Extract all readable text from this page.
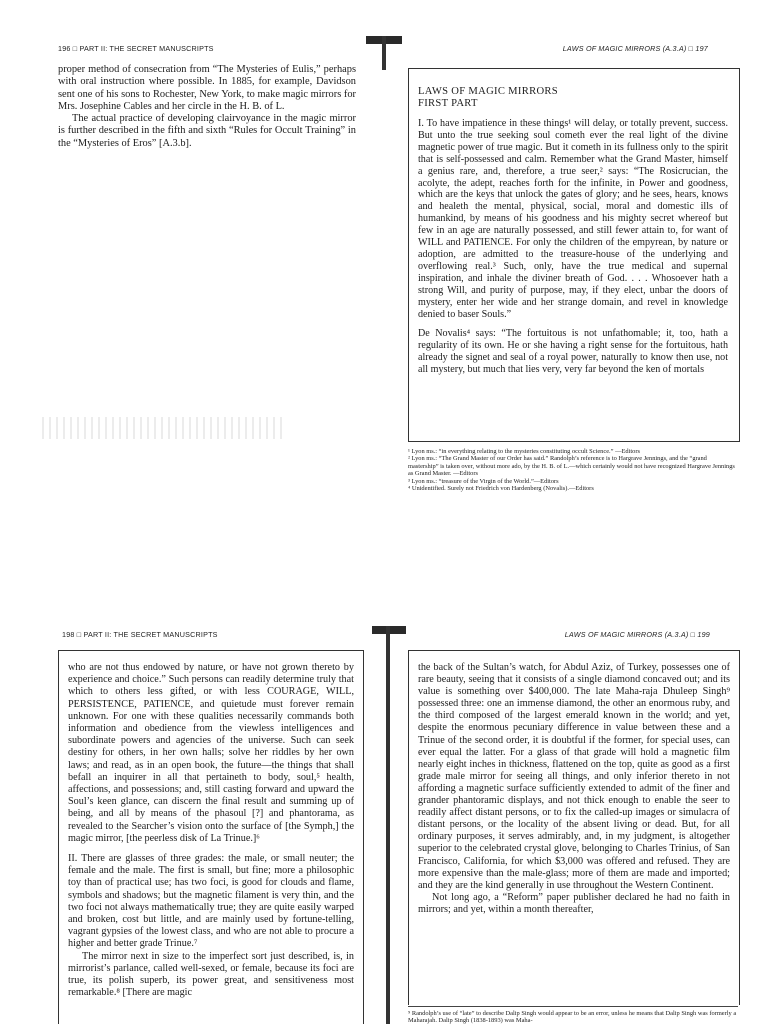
196 □ PART II: THE SECRET MANUSCRIPTS

proper method of consecration from “The Mysteries of Eulis,” perhaps with oral instruction where possible. In 1885, for example, Davidson sent one of his sons to Rochester, New York, to make magic mirrors for Mrs. Josephine Cables and her circle in the H. B. of L.

The actual practice of developing clairvoyance in the magic mirror is further described in the fifth and sixth “Rules for Occult Training” in the “Mysteries of Eros” [A.3.b].

LAWS OF MAGIC MIRRORS (A.3.A) □ 197

LAWS OF MAGIC MIRRORS

FIRST PART

I. To have impatience in these things¹ will delay, or totally prevent, success. But unto the true seeking soul cometh ever the real light of the divine magnetic power of true magic. But it cometh in its fullness only to the spirit that is self-possessed and calm. Remember what the Grand Master, himself a genius rare, and, therefore, a true seer,² says: “The Rosicrucian, the acolyte, the adept, reaches forth for the infinite, in Power and goodness, which are the keys that unlock the gates of glory; and he sees, hears, knows and healeth the mental, physical, social, moral and domestic ills of humankind, by means of his goodness and his mighty secret whereof but few in an age are naturally possessed, and still fewer attain to, for want of WILL and PATIENCE. For only the children of the empyrean, by nature or adoption, are admitted to the treasure-house of the underlying and overflowing real.³ Such, only, have the true medical and supernal inspiration, and inhale the diviner breath of God. . . . Whosoever hath a strong Will, and purity of purpose, may, if they elect, unbar the doors of mystery, enter her wide and her strange domain, and revel in knowledge denied to baser Souls.”

De Novalis⁴ says: “The fortuitous is not unfathomable; it, too, hath a regularity of its own. He or she having a right sense for the fortuitous, hath already the signet and seal of a royal power, naturally to know then use, not all mystery, but much that lies very, very far beyond the ken of mortals

¹ Lyon ms.: “in everything relating to the mysteries constituting occult Science.” —Editors

² Lyon ms.: “The Grand Master of our Order has said.” Randolph’s reference is to Hargrave Jennings, and the “grand mastership” is taken over, without more ado, by the H. B. of L.—which certainly would not have recognized Hargrave Jennings as Grand Master. —Editors

³ Lyon ms.: “treasure of the Virgin of the World.”—Editors

⁴ Unidentified. Surely not Friedrich von Hardenberg (Novalis).—Editors

198 □ PART II: THE SECRET MANUSCRIPTS

who are not thus endowed by nature, or have not grown thereto by experience and choice.” Such persons can readily determine truly that which to others less gifted, or with less COURAGE, WILL, PERSISTENCE, PATIENCE, and quietude must forever remain unknown. For one with these qualities necessarily commands both information and obedience from the viewless intelligences and subordinate powers and agencies of the universe. Such can seek destiny for others, in her own halls; solve her riddles by her own laws; and read, as in an open book, the future—the things that shall befall an inquirer in all that pertaineth to body, soul,⁵ health, affections, and possessions; and, still casting forward and upward the Soul’s keen glance, can discern the final result and summing up of being, and all by means of the phasoul [?] and phantorama, as revealed to the Searcher’s vision onto the surface of [the Symph,] the magic mirror, [the peerless disk of La Trinue.]⁶

II. There are glasses of three grades: the male, or small neuter; the female and the male. The first is small, but fine; more a philosophic toy than of practical use; has two foci, is good for clouds and flame, symbols and shadows; but the magnetic filament is very thin, and the two foci not always mathematically true; they are quite easily warped and broken, cost but little, and are mainly used by fortune-telling, vagrant gypsies of the lowest class, and who are not able to procure a higher and better grade Trinue.⁷

The mirror next in size to the imperfect sort just described, is, in mirrorist’s parlance, called well-sexed, or female, because its foci are true, its polish superb, its power great, and sensitiveness most remarkable.⁸ [There are magic

LAWS OF MAGIC MIRRORS (A.3.A) □ 199

the back of the Sultan’s watch, for Abdul Aziz, of Turkey, possesses one of rare beauty, seeing that it consists of a single diamond concaved out; and its value is something over $400,000. The late Maha-raja Dhuleep Singh⁹ possessed three: one an immense diamond, the other an enormous ruby, and the third composed of the largest emerald known in the world; and yet, despite the enormous pecuniary difference in value between these and a Trinue of the second order, it is doubtful if the former, for special uses, can ever equal the latter. For a glass of that grade will hold a magnetic film nearly eight inches in thickness, flattened on the top, quite as good as a first grade male mirror for seeing all things, and only inferior thereto in not affording a magnetic surface sufficiently extended to admit of the finer and grander phantoramic displays, and not thick enough to enable the seer to readily affect distant persons, or to fix the called-up images or simulacra of distant persons, or the locality of the absent living or dead. But, for all ordinary purposes, it serves admirably, and, in my judgment, is altogether superior to the celebrated crystal glove, belonging to Charles Trinius, of San Francisco, California, for which $3,000 was offered and refused. They are more expensive than the male-glass; more of them are made and imported; and they are the kind generally in use throughout the Western Continent.

Not long ago, a “Reform” paper publisher declared he had no faith in mirrors; and yet, within a month thereafter,

⁹ Randolph’s use of “late” to describe Dalip Singh would appear to be an error, unless he means that Dalip Singh was formerly a Maharajah. Dalip Singh (1838-1893) was Maha-
